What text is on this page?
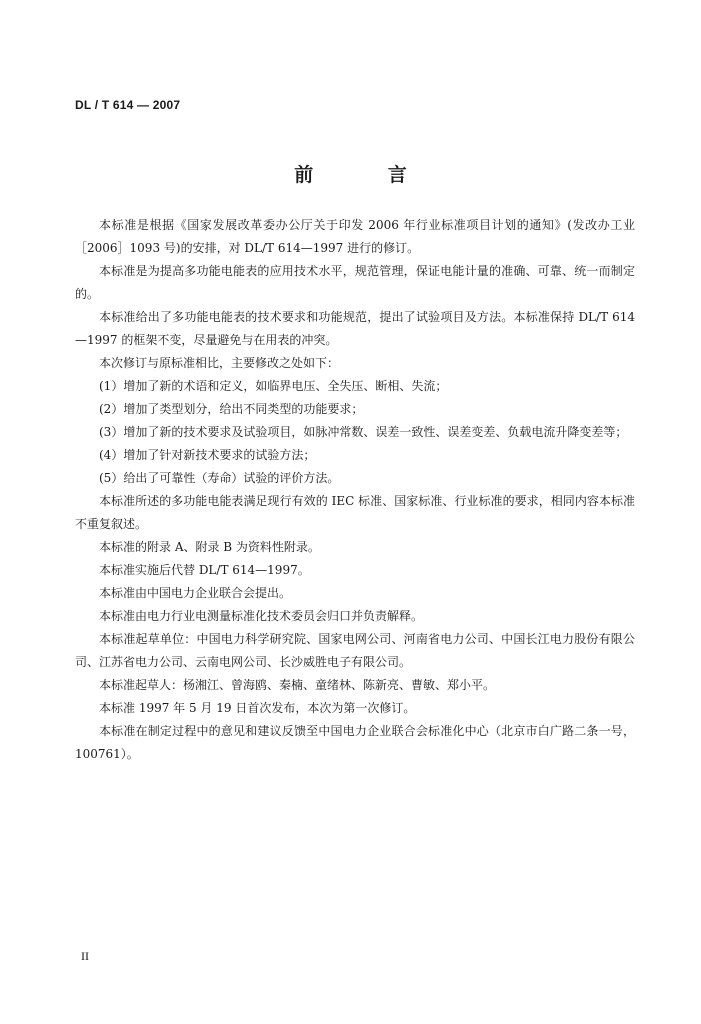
DL / T 614 — 2007
前 言

本标准是根据《国家发展改革委办公厅关于印发 2006 年行业标准项目计划的通知》(发改办工业［2006］1093 号)的安排，对 DL/T 614—1997 进行的修订。

本标准是为提高多功能电能表的应用技术水平，规范管理，保证电能计量的准确、可靠、统一而制定的。

本标准给出了多功能电能表的技术要求和功能规范，提出了试验项目及方法。本标准保持 DL/T 614—1997 的框架不变，尽量避免与在用表的冲突。

本次修订与原标准相比，主要修改之处如下：

(1）增加了新的术语和定义，如临界电压、全失压、断相、失流；

(2）增加了类型划分，给出不同类型的功能要求；

(3）增加了新的技术要求及试验项目，如脉冲常数、误差一致性、误差变差、负载电流升降变差等；

(4）增加了针对新技术要求的试验方法；

(5）给出了可靠性（寿命）试验的评价方法。

本标准所述的多功能电能表满足现行有效的 IEC 标准、国家标准、行业标准的要求，相同内容本标准不重复叙述。

本标准的附录 A、附录 B 为资料性附录。

本标准实施后代替 DL/T 614—1997。

本标准由中国电力企业联合会提出。

本标准由电力行业电测量标准化技术委员会归口并负责解释。

本标准起草单位：中国电力科学研究院、国家电网公司、河南省电力公司、中国长江电力股份有限公司、江苏省电力公司、云南电网公司、长沙威胜电子有限公司。

本标准起草人：杨湘江、曾海鸥、秦楠、童绪林、陈新亮、曹敏、郑小平。

本标准 1997 年 5 月 19 日首次发布，本次为第一次修订。

本标准在制定过程中的意见和建议反馈至中国电力企业联合会标准化中心（北京市白广路二条一号，100761）。

II
